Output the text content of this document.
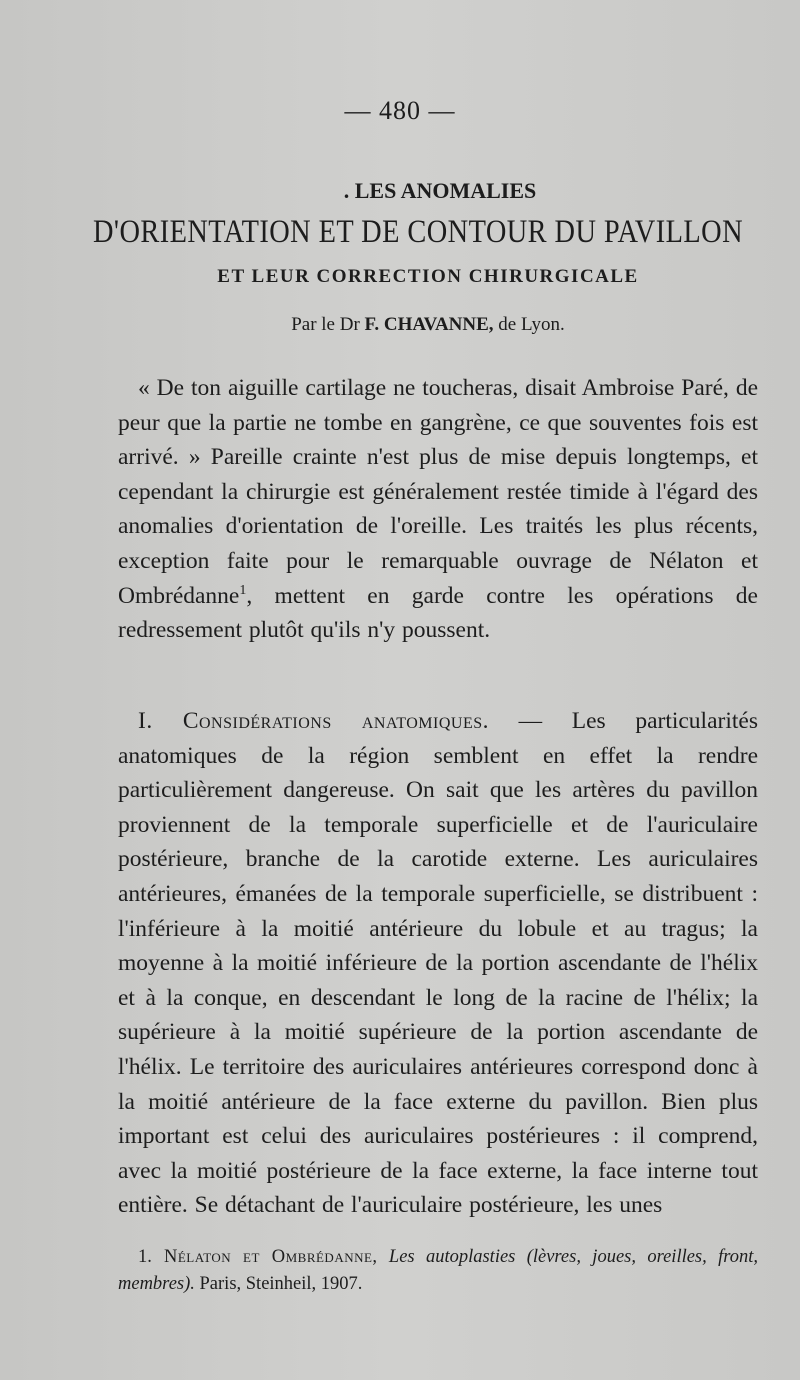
— 480 —
. LES ANOMALIES
D'ORIENTATION ET DE CONTOUR DU PAVILLON
ET LEUR CORRECTION CHIRURGICALE
Par le Dr F. CHAVANNE, de Lyon.
« De ton aiguille cartilage ne toucheras, disait Ambroise Paré, de peur que la partie ne tombe en gangrène, ce que souventes fois est arrivé. » Pareille crainte n'est plus de mise depuis longtemps, et cependant la chirurgie est généralement restée timide à l'égard des anomalies d'orientation de l'oreille. Les traités les plus récents, exception faite pour le remarquable ouvrage de Nélaton et Ombrédanne$^1$, mettent en garde contre les opérations de redressement plutôt qu'ils n'y poussent.
I. Considérations anatomiques. — Les particularités anatomiques de la région semblent en effet la rendre particulièrement dangereuse. On sait que les artères du pavillon proviennent de la temporale superficielle et de l'auriculaire postérieure, branche de la carotide externe. Les auriculaires antérieures, émanées de la temporale superficielle, se distribuent : l'inférieure à la moitié antérieure du lobule et au tragus; la moyenne à la moitié inférieure de la portion ascendante de l'hélix et à la conque, en descendant le long de la racine de l'hélix; la supérieure à la moitié supérieure de la portion ascendante de l'hélix. Le territoire des auriculaires antérieures correspond donc à la moitié antérieure de la face externe du pavillon. Bien plus important est celui des auriculaires postérieures : il comprend, avec la moitié postérieure de la face externe, la face interne tout entière. Se détachant de l'auriculaire postérieure, les unes
1. Nélaton et Ombrédanne, Les autoplasties (lèvres, joues, oreilles, front, membres). Paris, Steinheil, 1907.
